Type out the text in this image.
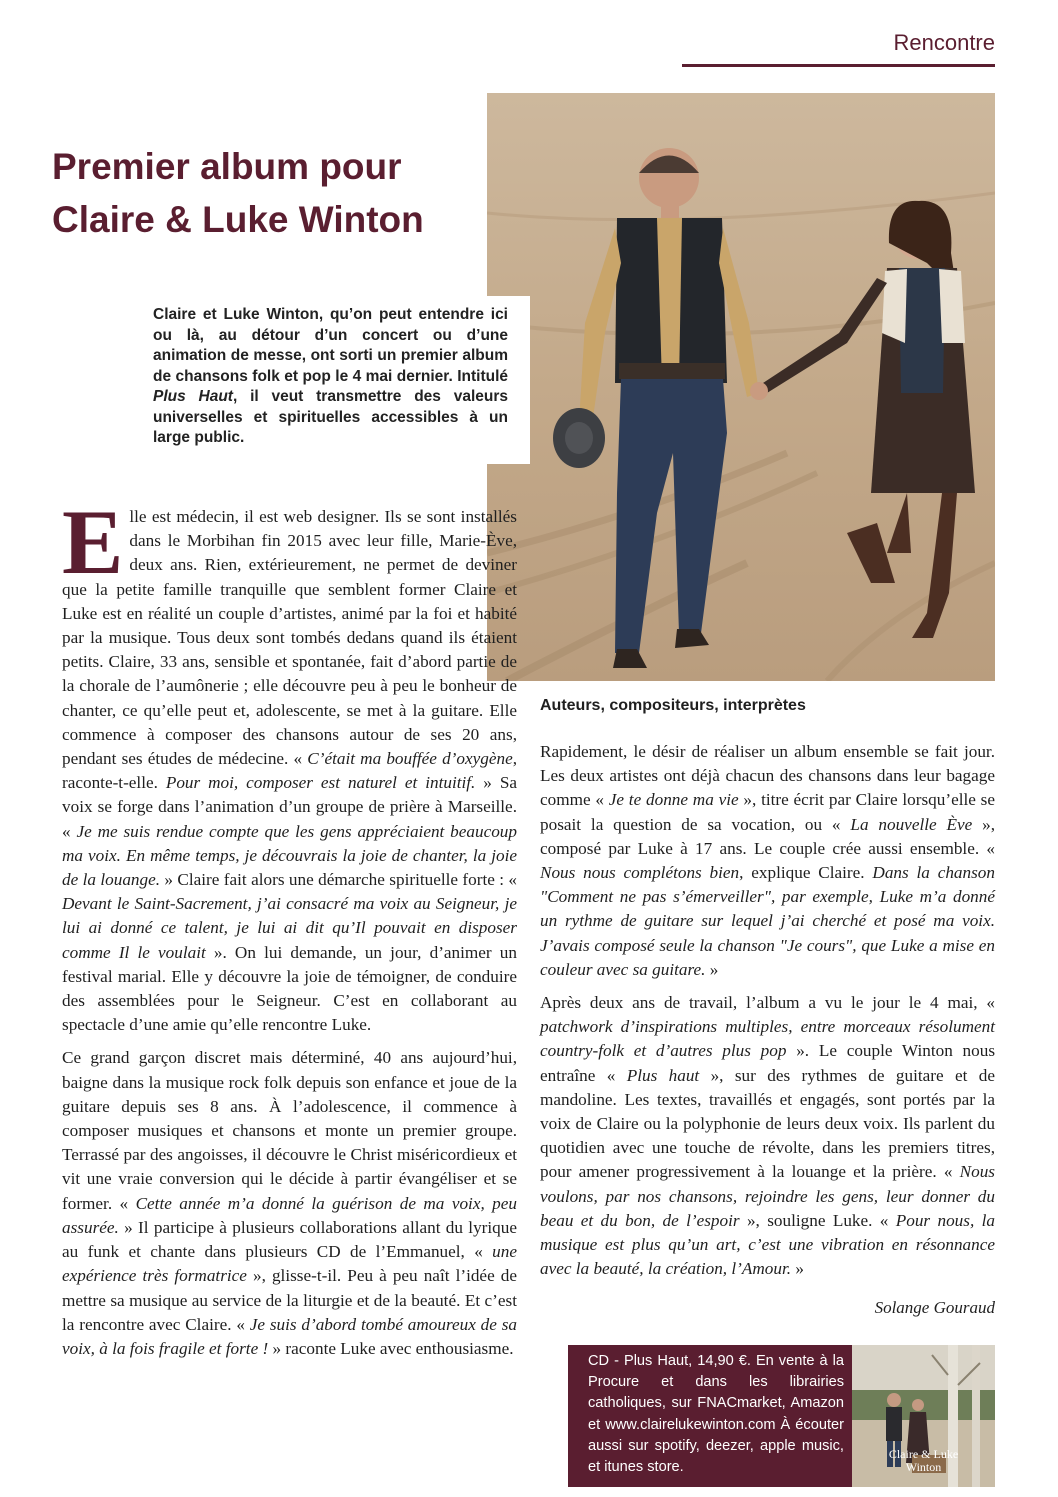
Rencontre
Premier album pour Claire & Luke Winton

Claire et Luke Winton, qu’on peut entendre ici ou là, au détour d’un concert ou d’une animation de messe, ont sorti un premier album de chansons folk et pop le 4 mai dernier. Intitulé Plus Haut, il veut transmettre des valeurs universelles et spirituelles accessibles à un large public.

Elle est médecin, il est web designer. Ils se sont installés dans le Morbihan fin 2015 avec leur fille, Marie-Ève, deux ans. Rien, extérieurement, ne permet de deviner que la petite famille tranquille que semblent former Claire et Luke est en réalité un couple d’artistes, animé par la foi et habité par la musique. Tous deux sont tombés dedans quand ils étaient petits. Claire, 33 ans, sensible et spontanée, fait d’abord partie de la chorale de l’aumônerie ; elle découvre peu à peu le bonheur de chanter, ce qu’elle peut et, adolescente, se met à la guitare. Elle commence à composer des chansons autour de ses 20 ans, pendant ses études de médecine. « C’était ma bouffée d’oxygène, raconte-t-elle. Pour moi, composer est naturel et intuitif. » Sa voix se forge dans l’animation d’un groupe de prière à Marseille. « Je me suis rendue compte que les gens appréciaient beaucoup ma voix. En même temps, je découvrais la joie de chanter, la joie de la louange. » Claire fait alors une démarche spirituelle forte : « Devant le Saint-Sacrement, j’ai consacré ma voix au Seigneur, je lui ai donné ce talent, je lui ai dit qu’Il pouvait en disposer comme Il le voulait ». On lui demande, un jour, d’animer un festival marial. Elle y découvre la joie de témoigner, de conduire des assemblées pour le Seigneur. C’est en collaborant au spectacle d’une amie qu’elle rencontre Luke.

Ce grand garçon discret mais déterminé, 40 ans aujourd’hui, baigne dans la musique rock folk depuis son enfance et joue de la guitare depuis ses 8 ans. À l’adolescence, il commence à composer musiques et chansons et monte un premier groupe. Terrassé par des angoisses, il découvre le Christ miséricordieux et vit une vraie conversion qui le décide à partir évangéliser et se former. « Cette année m’a donné la guérison de ma voix, peu assurée. » Il participe à plusieurs collaborations allant du lyrique au funk et chante dans plusieurs CD de l’Emmanuel, « une expérience très formatrice », glisse-t-il. Peu à peu naît l’idée de mettre sa musique au service de la liturgie et de la beauté. Et c’est la rencontre avec Claire. « Je suis d’abord tombé amoureux de sa voix, à la fois fragile et forte ! » raconte Luke avec enthousiasme.

Auteurs, compositeurs, interprètes

Rapidement, le désir de réaliser un album ensemble se fait jour. Les deux artistes ont déjà chacun des chansons dans leur bagage comme « Je te donne ma vie », titre écrit par Claire lorsqu’elle se posait la question de sa vocation, ou « La nouvelle Ève », composé par Luke à 17 ans. Le couple crée aussi ensemble. « Nous nous complétons bien, explique Claire. Dans la chanson "Comment ne pas s’émerveiller", par exemple, Luke m’a donné un rythme de guitare sur lequel j’ai cherché et posé ma voix. J’avais composé seule la chanson "Je cours", que Luke a mise en couleur avec sa guitare. »

Après deux ans de travail, l’album a vu le jour le 4 mai, « patchwork d’inspirations multiples, entre morceaux résolument country-folk et d’autres plus pop ». Le couple Winton nous entraîne « Plus haut », sur des rythmes de guitare et de mandoline. Les textes, travaillés et engagés, sont portés par la voix de Claire ou la polyphonie de leurs deux voix. Ils parlent du quotidien avec une touche de révolte, dans les premiers titres, pour amener progressivement à la louange et la prière. « Nous voulons, par nos chansons, rejoindre les gens, leur donner du beau et du bon, de l’espoir », souligne Luke. « Pour nous, la musique est plus qu’un art, c’est une vibration en résonnance avec la beauté, la création, l’Amour. »

Solange Gouraud

CD - Plus Haut, 14,90 €. En vente à la Procure et dans les librairies catholiques, sur FNACmarket, Amazon et www.clairelukewinton.com À écouter aussi sur spotify, deezer, apple music, et itunes store.

Claire & Luke
Winton
